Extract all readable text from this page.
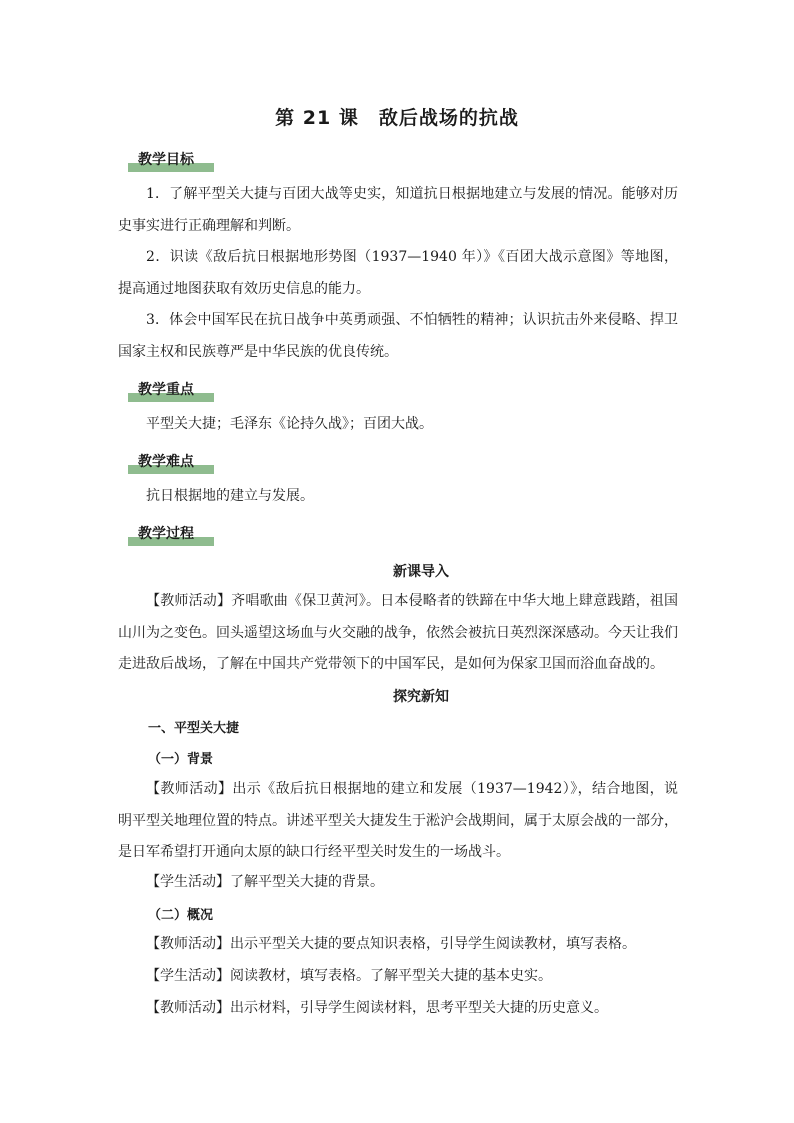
第 21 课　敌后战场的抗战
教学目标

1．了解平型关大捷与百团大战等史实，知道抗日根据地建立与发展的情况。能够对历史事实进行正确理解和判断。

2．识读《敌后抗日根据地形势图（1937—1940 年）》《百团大战示意图》等地图，提高通过地图获取有效历史信息的能力。

3．体会中国军民在抗日战争中英勇顽强、不怕牺牲的精神；认识抗击外来侵略、捍卫国家主权和民族尊严是中华民族的优良传统。

教学重点

平型关大捷；毛泽东《论持久战》；百团大战。

教学难点

抗日根据地的建立与发展。

教学过程
新课导入

【教师活动】齐唱歌曲《保卫黄河》。日本侵略者的铁蹄在中华大地上肆意践踏，祖国山川为之变色。回头遥望这场血与火交融的战争，依然会被抗日英烈深深感动。今天让我们走进敌后战场，了解在中国共产党带领下的中国军民，是如何为保家卫国而浴血奋战的。

探究新知
一、平型关大捷
（一）背景

【教师活动】出示《敌后抗日根据地的建立和发展（1937—1942）》，结合地图，说明平型关地理位置的特点。讲述平型关大捷发生于淞沪会战期间，属于太原会战的一部分，是日军希望打开通向太原的缺口行经平型关时发生的一场战斗。

【学生活动】了解平型关大捷的背景。

（二）概况

【教师活动】出示平型关大捷的要点知识表格，引导学生阅读教材，填写表格。

【学生活动】阅读教材，填写表格。了解平型关大捷的基本史实。

【教师活动】出示材料，引导学生阅读材料，思考平型关大捷的历史意义。
